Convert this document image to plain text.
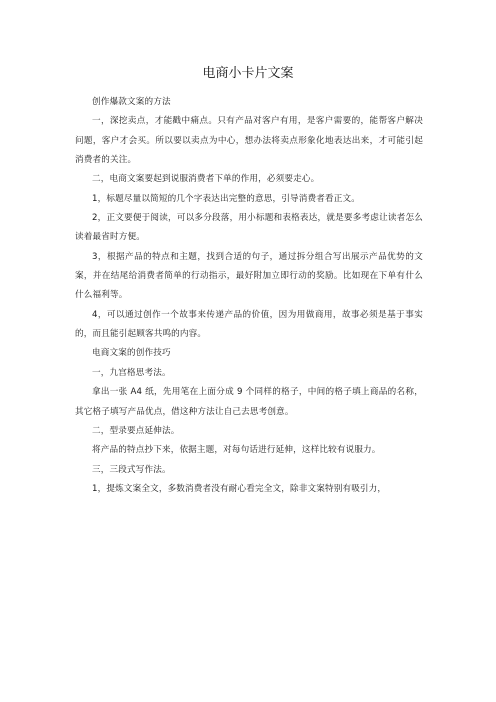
电商小卡片文案

创作爆款文案的方法

一，深挖卖点，才能戳中痛点。只有产品对客户有用，是客户需要的，能帮客户解决问题，客户才会买。所以要以卖点为中心，想办法将卖点形象化地表达出来，才可能引起消费者的关注。

二，电商文案要起到说服消费者下单的作用，必须要走心。

1，标题尽量以简短的几个字表达出完整的意思，引导消费者看正文。

2，正文要便于阅读，可以多分段落，用小标题和表格表达，就是要多考虑让读者怎么读着最省时方便。

3，根据产品的特点和主题，找到合适的句子，通过拆分组合写出展示产品优势的文案，并在结尾给消费者简单的行动指示，最好附加立即行动的奖励。比如现在下单有什么什么福利等。

4，可以通过创作一个故事来传递产品的价值，因为用做商用，故事必须是基于事实的，而且能引起顾客共鸣的内容。

电商文案的创作技巧

一，九宫格思考法。

拿出一张 A4 纸，先用笔在上面分成 9 个同样的格子，中间的格子填上商品的名称，其它格子填写产品优点，借这种方法让自己去思考创意。

二，型录要点延伸法。

将产品的特点抄下来，依据主题，对每句话进行延伸，这样比较有说服力。

三，三段式写作法。

1，提炼文案全文，多数消费者没有耐心看完全文，除非文案特别有吸引力，
